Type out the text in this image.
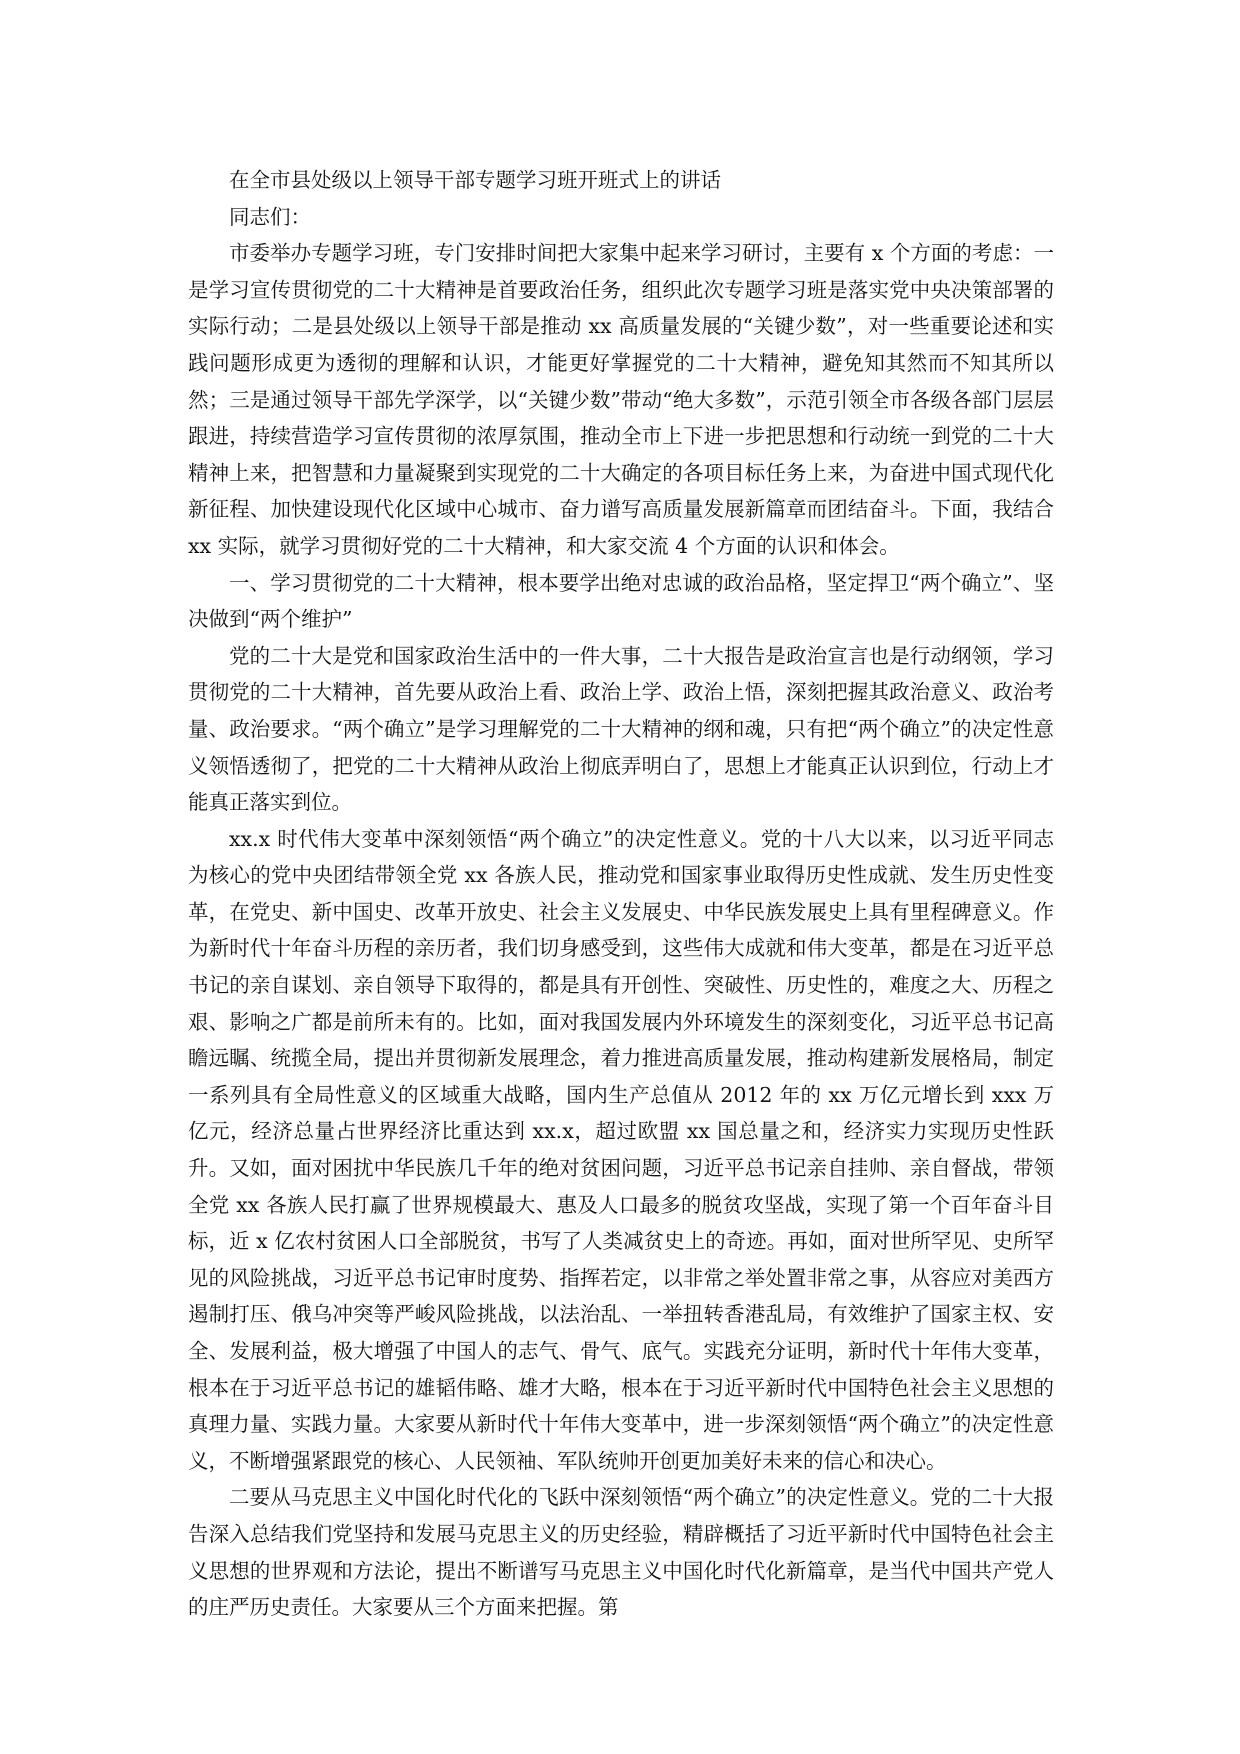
在全市县处级以上领导干部专题学习班开班式上的讲话

同志们：

市委举办专题学习班，专门安排时间把大家集中起来学习研讨，主要有 x 个方面的考虑：一是学习宣传贯彻党的二十大精神是首要政治任务，组织此次专题学习班是落实党中央决策部署的实际行动；二是县处级以上领导干部是推动 xx 高质量发展的“关键少数”，对一些重要论述和实践问题形成更为透彻的理解和认识，才能更好掌握党的二十大精神，避免知其然而不知其所以然；三是通过领导干部先学深学，以“关键少数”带动“绝大多数”，示范引领全市各级各部门层层跟进，持续营造学习宣传贯彻的浓厚氛围，推动全市上下进一步把思想和行动统一到党的二十大精神上来，把智慧和力量凝聚到实现党的二十大确定的各项目标任务上来，为奋进中国式现代化新征程、加快建设现代化区域中心城市、奋力谱写高质量发展新篇章而团结奋斗。下面，我结合 xx 实际，就学习贯彻好党的二十大精神，和大家交流 4 个方面的认识和体会。

一、学习贯彻党的二十大精神，根本要学出绝对忠诚的政治品格，坚定捍卫“两个确立”、坚决做到“两个维护”

党的二十大是党和国家政治生活中的一件大事，二十大报告是政治宣言也是行动纲领，学习贯彻党的二十大精神，首先要从政治上看、政治上学、政治上悟，深刻把握其政治意义、政治考量、政治要求。“两个确立”是学习理解党的二十大精神的纲和魂，只有把“两个确立”的决定性意义领悟透彻了，把党的二十大精神从政治上彻底弄明白了，思想上才能真正认识到位，行动上才能真正落实到位。

xx.x 时代伟大变革中深刻领悟“两个确立”的决定性意义。党的十八大以来，以习近平同志为核心的党中央团结带领全党 xx 各族人民，推动党和国家事业取得历史性成就、发生历史性变革，在党史、新中国史、改革开放史、社会主义发展史、中华民族发展史上具有里程碑意义。作为新时代十年奋斗历程的亲历者，我们切身感受到，这些伟大成就和伟大变革，都是在习近平总书记的亲自谋划、亲自领导下取得的，都是具有开创性、突破性、历史性的，难度之大、历程之艰、影响之广都是前所未有的。比如，面对我国发展内外环境发生的深刻变化，习近平总书记高瞻远瞩、统揽全局，提出并贯彻新发展理念，着力推进高质量发展，推动构建新发展格局，制定一系列具有全局性意义的区域重大战略，国内生产总值从 2012 年的 xx 万亿元增长到 xxx 万亿元，经济总量占世界经济比重达到 xx.x，超过欧盟 xx 国总量之和，经济实力实现历史性跃升。又如，面对困扰中华民族几千年的绝对贫困问题，习近平总书记亲自挂帅、亲自督战，带领全党 xx 各族人民打赢了世界规模最大、惠及人口最多的脱贫攻坚战，实现了第一个百年奋斗目标，近 x 亿农村贫困人口全部脱贫，书写了人类减贫史上的奇迹。再如，面对世所罕见、史所罕见的风险挑战，习近平总书记审时度势、指挥若定，以非常之举处置非常之事，从容应对美西方遏制打压、俄乌冲突等严峻风险挑战，以法治乱、一举扭转香港乱局，有效维护了国家主权、安全、发展利益，极大增强了中国人的志气、骨气、底气。实践充分证明，新时代十年伟大变革，根本在于习近平总书记的雄韬伟略、雄才大略，根本在于习近平新时代中国特色社会主义思想的真理力量、实践力量。大家要从新时代十年伟大变革中，进一步深刻领悟“两个确立”的决定性意义，不断增强紧跟党的核心、人民领袖、军队统帅开创更加美好未来的信心和决心。

二要从马克思主义中国化时代化的飞跃中深刻领悟“两个确立”的决定性意义。党的二十大报告深入总结我们党坚持和发展马克思主义的历史经验，精辟概括了习近平新时代中国特色社会主义思想的世界观和方法论，提出不断谱写马克思主义中国化时代化新篇章，是当代中国共产党人的庄严历史责任。大家要从三个方面来把握。第
